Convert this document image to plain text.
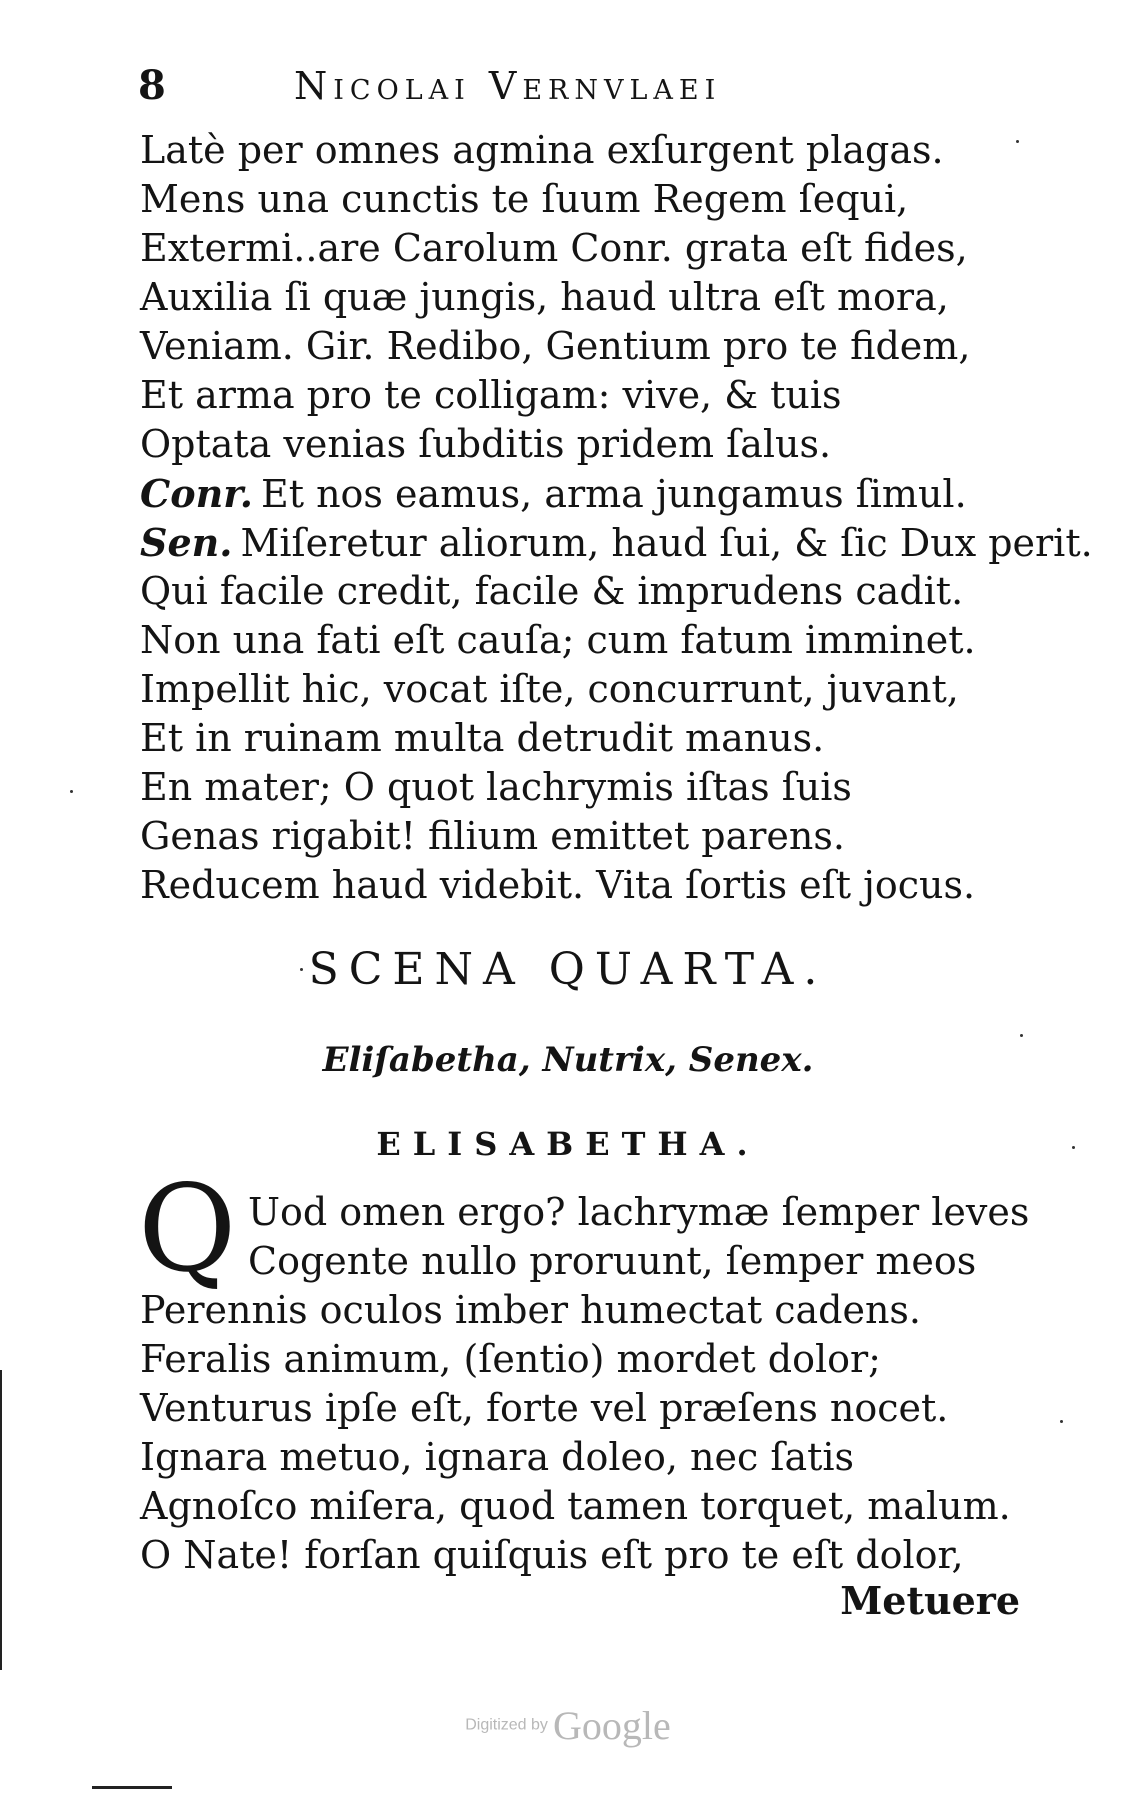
8	Nicolai Vernvlaei
Latè per omnes agmina exſurgent plagas.
Mens una cunctis te ſuum Regem ſequi,
Extermi..are Carolum Conr. grata eſt fides,
Auxilia ſi quæ jungis, haud ultra eſt mora,
Veniam. Gir. Redibo, Gentium pro te fidem,
Et arma pro te colligam: vive, & tuis
Optata venias ſubditis pridem ſalus.
Conr. Et nos eamus, arma jungamus ſimul.
Sen. Miſeretur aliorum, haud ſui, & ſic Dux perit.
Qui facile credit, facile & imprudens cadit.
Non una fati eſt cauſa; cum fatum imminet.
Impellit hic, vocat iſte, concurrunt, juvant,
Et in ruinam multa detrudit manus.
En mater; O quot lachrymis iſtas ſuis
Genas rigabit! filium emittet parens.
Reducem haud videbit. Vita ſortis eſt jocus.
SCENA QUARTA.
Eliſabetha, Nutrix, Senex.
ELISABETHA.
Q Uod omen ergo? lachrymæ ſemper leves
Cogente nullo proruunt, ſemper meos
Perennis oculos imber humectat cadens.
Feralis animum, (ſentio) mordet dolor;
Venturus ipſe eſt, forte vel præſens nocet.
Ignara metuo, ignara doleo, nec ſatis
Agnoſco miſera, quod tamen torquet, malum.
O Nate! forſan quiſquis eſt pro te eſt dolor,
Metuere
Digitized by Google
